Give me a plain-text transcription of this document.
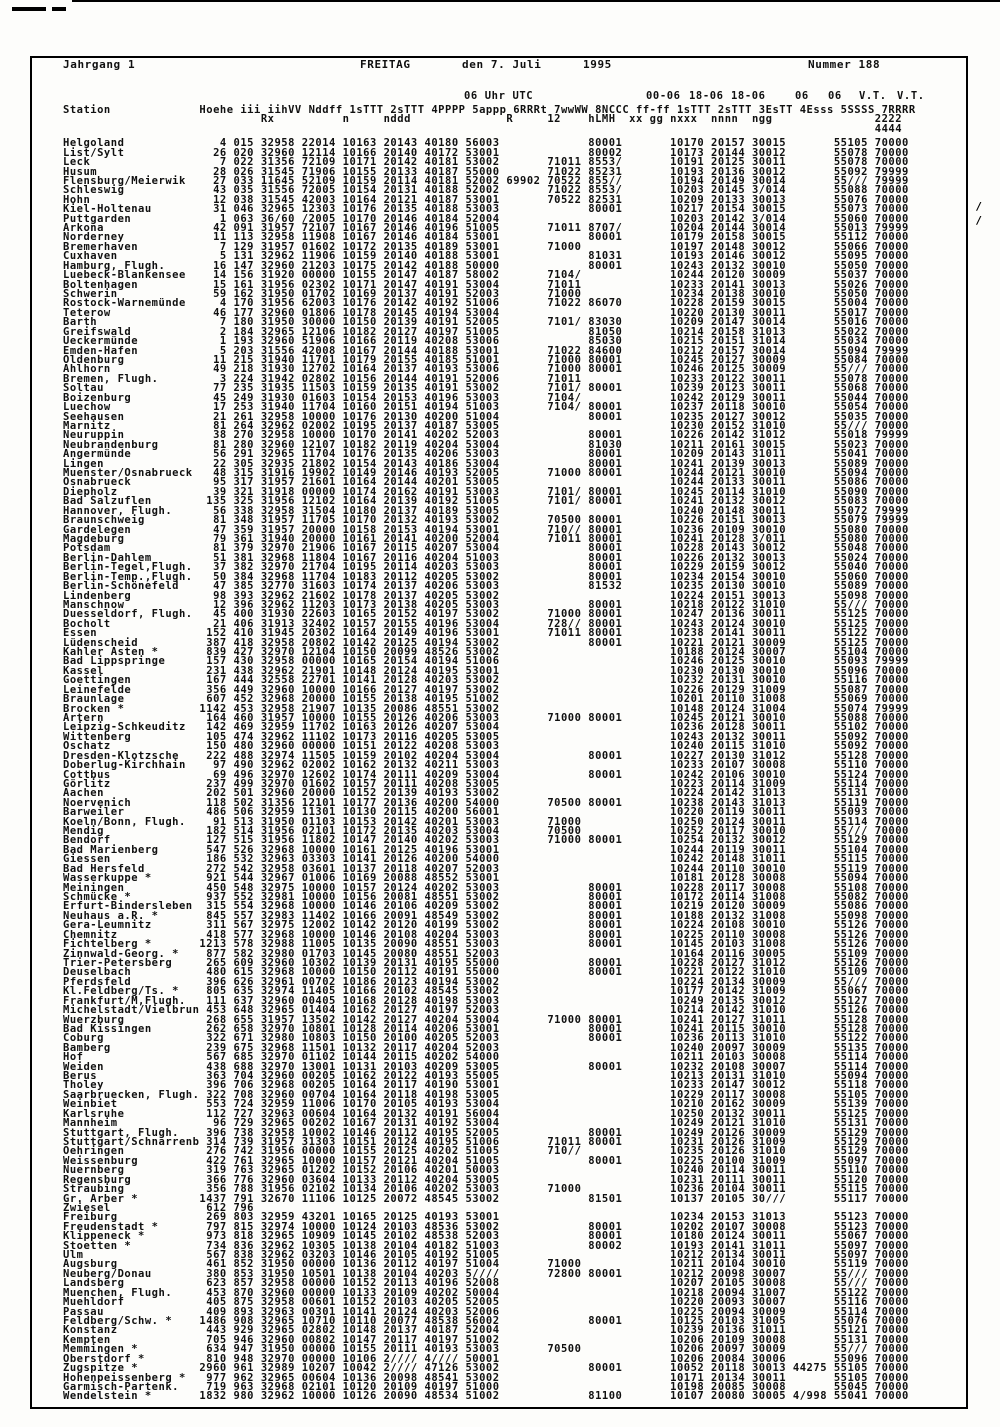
/
/
Jahrgang 1	FREITAG	den 7. Juli	1995	Nummer 188
06 Uhr UTC	00-06 18-06 18-06	06 06 V.T. V.T.
Station             Hoehe iii iihVV Nddff 1sTTT 2sTTT 4PPPP 5appp 6RRRt 7wwWW 8NCCC ff-ff 1sTTT 2sTTT 3EsTT 4Esss 5SSSS 7RRRR
Rx          n     nddd              R     12    hLMH  xx gg nxxx  nnnn  ngg               2222
4444
Helgoland              4 015 32958 22014 10163 20143 40180 56003             80001       10170 20157 30015       55105 70000
List/Sylt             26 020 32960 12114 10166 20140 40172 53001             80002       10173 20144 30012       55078 70000
Leck                   7 022 31356 72109 10171 20142 40181 53002       71011 8553/       10191 20125 30011       55078 70000
Husum                 28 026 31545 71906 10155 20133 40187 55000       71022 85231       10193 20136 30012       55092 79999
Flensburg/Meierwik    27 033 11645 52109 10159 20114 40181 52002 69902 70522 855//       10194 20149 30014       55/// 79999
Schleswig             43 035 31556 72005 10154 20131 40188 52002       71022 8553/       10203 20145 3/014       55088 70000
Hohn                  12 038 31545 42003 10164 20121 40187 53001       70522 82531       10209 20133 30013       55076 70000
Kiel-Holtenau         31 046 32965 12303 10176 20135 40188 53003             80001       10217 20154 30015       55073 70000
Puttgarden             1 063 36/60 /2005 10170 20146 40184 52004                         10203 20142 3/014       55060 70000
Arkona                42 091 31957 72107 10167 20146 40196 51005       71011 8707/       10204 20144 30014       55013 79999
Norderney             11 113 32958 11908 10167 20146 40184 53001             80001       10179 20158 30015       55112 70000
Bremerhaven            7 129 31957 01602 10172 20135 40189 53001       71000             10197 20148 30012       55066 70000
Cuxhaven               5 131 32962 11906 10159 20140 40188 53001             81031       10193 20146 30012       55095 70000
Hamburg, Flugh.       16 147 32960 21203 10175 20142 40188 50000             80001       10243 20132 30010       55050 70000
Luebeck-Blankensee    14 156 31920 00000 10155 20147 40187 58002       7104/             10244 20120 30009       55037 70000
Boltenhagen           15 161 31956 02302 10171 20147 40191 53004       71011             10233 20141 30013       55026 70000
Schwerin              59 162 31950 01702 10169 20137 40191 52003       71000             10234 20138 30010       55050 70000
Rostock-Warnemünde     4 170 31956 62003 10176 20142 40192 51006       71022 86070       10228 20159 30015       55004 70000
Teterow               46 177 32960 01806 10178 20145 40194 53004                         10220 20130 30011       55017 70000
Barth                  7 180 31950 30000 10150 20139 40191 52005       7101/ 83030       10209 20147 30014       55016 70000
Greifswald             2 184 32965 12106 10182 20127 40197 51005             81050       10214 20158 31013       55022 70000
Ueckermünde            1 193 32960 51906 10166 20119 40208 53006             85030       10215 20151 31014       55034 70000
Emden-Hafen            5 203 31556 42008 10167 20144 40188 53001       71022 84600       10212 20157 30014       55094 79999
Oldenburg             11 215 31940 11701 10179 20155 40185 51001       71000 80001       10245 20127 30009       55084 70000
Ahlhorn               49 218 31930 12702 10164 20137 40193 53006       71000 80001       10246 20125 30009       55/// 70000
Bremen, Flugh.         3 224 31942 02802 10156 20144 40191 52006       71011             10233 20122 30011       55078 70000
Soltau                77 235 31935 11503 10159 20135 40191 53002       7101/ 80001       10239 20123 30011       55068 70000
Boizenburg            45 249 31930 01603 10154 20153 40196 53003       7104/             10242 20129 30011       55044 70000
Luechow               17 253 31940 11704 10160 20151 40194 51003       7104/ 80001       10237 20118 30010       55054 70000
Seehausen             21 261 32958 10000 10176 20130 40200 51004             80001       10235 20127 30012       55035 70000
Marnitz               81 264 32962 02002 10195 20137 40187 53005                         10230 20152 31010       55/// 70000
Neuruppin             38 270 32958 10000 10170 20141 40202 52003             80001       10226 20142 31012       55018 79999
Neubrandenburg        81 280 32960 12107 10182 20119 40204 53004             81030       10211 20161 30015       55023 70000
Angermünde            56 291 32965 11704 10176 20135 40206 53003             80001       10209 20143 31011       55041 70000
Lingen                22 305 32935 21802 10154 20143 40186 53004             80001       10241 20139 30013       55089 70000
Muenster/Osnabrueck   48 315 31916 19902 10149 20146 40193 52005       71000 80001       10244 20121 30010       55094 70000
Osnabrueck            95 317 31957 21601 10164 20144 40201 53005                         10244 20133 30011       55086 70000
Diepholz              39 321 31918 00000 10174 20162 40191 53003       7101/ 80001       10245 20114 31010       55090 70000
Bad Salzuflen        135 325 31956 12102 10164 20139 40192 51005       7101/ 80001       10241 20132 30012       55083 70000
Hannover, Flugh.      56 338 32958 31504 10180 20137 40189 53005                         10240 20148 30011       55072 79999
Braunschweig          81 348 31957 11705 10170 20132 40193 53002       70500 80001       10226 20151 30013       55079 79999
Gardelegen            47 359 31957 20000 10158 20153 40194 53001       710// 80001       10236 20109 30010       55080 70000
Magdeburg             79 361 31940 20000 10161 20141 40200 52004       71011 80001       10241 20128 3/011       55080 70000
Potsdam               81 379 32970 21906 10167 20115 40207 53004             80001       10228 20143 30012       55048 70000
Berlin-Dahlem         51 381 32968 11804 10167 20116 40204 51003             80001       10226 20132 30013       55024 70000
Berlin-Tegel,Flugh.   37 382 32970 21704 10195 20114 40203 53003             80001       10229 20159 30012       55040 70000
Berlin-Temp.,Flugh.   50 384 32968 11704 10183 20112 40205 53002             80001       10234 20154 30010       55060 70000
Berlin-Schönefeld     47 385 32770 31603 10174 20137 40206 53003             81532       10235 20130 30010       55089 70000
Lindenberg            98 393 32962 21602 10178 20137 40205 53002                         10224 20151 30013       55098 70000
Manschnow             12 396 32962 11203 10173 20138 40205 53003             80001       10218 20122 31010       55/// 70000
Duesseldorf, Flugh.   45 400 31930 22603 10165 20152 40197 53002       71000 80001       10247 20136 30011       55125 70000
Bocholt               21 406 31913 32402 10157 20155 40196 53004       728// 80001       10243 20124 30010       55125 70000
Essen                152 410 31945 20302 10164 20149 40196 53001       71011 80001       10238 20141 30011       55122 70000
Lüdenscheid          387 418 32958 20802 10142 20125 40194 53002             80001       10221 20121 30009       55125 70000
Kahler Asten *       839 427 32970 12104 10150 20099 48526 53002                         10188 20124 30007       55104 70000
Bad Lippspringe      157 430 32958 00000 10165 20154 40194 51006                         10246 20125 30010       55093 79999
Kassel               231 438 32962 21901 10148 20124 40195 53001                         10230 20130 30010       55096 70000
Goettingen           167 444 32558 22701 10141 20128 40203 53002                         10232 20131 30010       55116 70000
Leinefelde           356 449 32960 10000 10166 20127 40197 53002                         10226 20129 31009       55087 70000
Braunlage            607 452 32968 20000 10155 20138 40195 51002                         10201 20110 31008       55069 70000
Brocken *           1142 453 32958 21907 10135 20086 48551 53002                         10148 20124 31004       55074 79999
Artern               164 460 31957 10000 10155 20126 40206 53003       71000 80001       10245 20121 30010       55088 70000
Leipzig-Schkeuditz   142 469 32959 11702 10163 20126 40207 53004                         10236 20128 30011       55102 70000
Wittenberg           105 474 32962 11102 10173 20116 40205 53005                         10243 20132 30011       55092 70000
Oschatz              150 480 32960 00000 10151 20122 40208 53003                         10240 20115 31010       55092 70000
Dresden-Klotzsche    222 488 32974 11505 10159 20102 40204 53004             80001       10227 20130 31012       55128 70000
Doberlug-Kirchhain    97 490 32962 02002 10162 20132 40211 53003                         10233 20107 30008       55110 70000
Cottbus               69 496 32970 12602 10174 20111 40209 53004             80001       10242 20106 30010       55124 70000
Görlitz              237 499 32970 01602 10157 20111 40208 53005                         10223 20114 31009       55114 70000
Aachen               202 501 32960 20000 10152 20139 40193 53002                         10224 20142 31013       55131 70000
Noervenich           118 502 31356 12101 10177 20136 40200 54000       70500 80001       10238 20143 31013       55119 70000
Barweiler            486 506 32959 11301 10130 20115 40200 56001                         10220 20119 30011       55093 70000
Koeln/Bonn, Flugh.    91 513 31950 01103 10153 20142 40201 53003       71000             10250 20124 30011       55114 70000
Mendig               182 514 31956 02101 10172 20135 40203 53004       70500             10252 20117 30010       55/// 70000
Bendorf              127 515 31956 11802 10147 20140 40202 53003       71000 80001       10254 20132 30012       55129 70000
Bad Marienberg       547 526 32968 10000 10161 20125 40196 53001                         10244 20119 30011       55104 70000
Giessen              186 532 32963 03303 10141 20126 40200 54000                         10242 20148 31011       55115 70000
Bad Hersfeld         272 542 32958 03601 10137 20118 40207 52003                         10244 20110 30010       55119 70000
Wasserkuppe *        921 544 32967 01006 10169 20088 48552 53001                         10181 20128 30008       55094 70000
Meiningen            450 548 32975 10000 10157 20124 40202 53003             80001       10228 20117 30008       55108 70000
Schmücke *           937 552 32981 10000 10156 20081 48551 53002             80001       10172 20114 31008       55082 70000
Erfurt-Bindersleben  315 554 32968 10000 10146 20106 40209 53002             80001       10219 20120 30009       55086 70000
Neuhaus a.R. *       845 557 32983 11402 10166 20091 48549 53002             80001       10188 20132 31008       55098 70000
Gera-Leumnitz        311 567 32975 12002 10142 20120 40199 53002             80001       10224 20108 30010       55126 70000
Chemnitz             418 577 32968 10000 10146 20108 40204 53003             80001       10225 20110 30008       55126 70000
Fichtelberg *       1213 578 32988 11005 10135 20090 48551 53003             80001       10145 20103 31008       55126 70000
Zinnwald-Georg. *    877 582 32980 01703 10145 20080 48551 52003                         10164 20116 30005       55109 70000
Trier-Petersberg     265 609 32960 10302 10139 20131 40195 55000             80001       10228 20127 31012       55126 70000
Deuselbach           480 615 32968 10000 10150 20112 40191 55000             80001       10221 20122 31010       55109 70000
Pferdsfeld           396 626 32961 00702 10186 20123 40194 53002                         10224 20134 30009       55/// 70000
Kl.Feldberg/Ts. *    805 635 32974 11405 10166 20102 48545 53002                         10177 20142 31009       55067 70000
Frankfurt/M,Flugh.   111 637 32960 00405 10168 20128 40198 53003                         10249 20135 30012       55127 70000
Michelstadt/Vielbrun 453 648 32965 01404 10162 20127 40197 52003                         10214 20142 31010       55126 70000
Wuerzburg            268 655 31957 13502 10142 20127 40204 53004       71000 80001       10241 20127 31011       55128 70000
Bad Kissingen        262 658 32970 10801 10128 20114 40206 53001             80001       10241 20115 30010       55128 70000
Coburg               322 671 32980 10803 10150 20100 40205 52003             80001       10236 20113 31010       55122 70000
Bamberg              239 675 32968 11501 10132 20117 40204 52003                         10240 20097 30009       55135 70000
Hof                  567 685 32970 01102 10144 20115 40202 54000                         10211 20103 30008       55114 70000
Weiden               438 688 32970 13001 10131 20103 40209 53005             80001       10232 20108 30007       55114 70000
Berus                363 704 32960 00205 10162 20122 40193 55005                         10213 20131 31010       55094 70000
Tholey               396 706 32968 00205 10164 20117 40190 53001                         10233 20147 30012       55118 70000
Saarbruecken, Flugh. 322 708 32960 00704 10164 20118 40198 53005                         10229 20117 30008       55105 70000
Weinbiet             553 724 32959 11006 10170 20105 40193 53004                         10210 20162 30009       55139 70000
Karlsruhe            112 727 32963 00604 10164 20132 40191 56004                         10250 20132 30011       55125 70000
Mannheim              96 729 32965 00202 10167 20131 40192 53004                         10249 20121 31010       55131 70000
Stuttgart, Flugh.    396 738 32958 10002 10146 20112 40195 52005             80001       10249 20126 30009       55129 70000
Stuttgart/Schnarrenb 314 739 31957 31303 10151 20124 40195 51006       71011 80001       10231 20126 31009       55129 70000
Oehringen            276 742 31956 00000 10155 20125 40202 51005       710//             10235 20126 31010       55129 70000
Weissenburg          422 761 32965 10000 10157 20121 40204 51005             80001       10225 20100 31009       55097 70000
Nuernberg            319 763 32965 01202 10152 20106 40201 50003                         10240 20114 30011       55110 70000
Regensburg           366 776 32960 03604 10133 20112 40204 53005                         10231 20111 30011       55120 70000
Straubing            356 788 31956 02102 10134 20106 40202 53003       71000             10236 20104 30011       55115 70000
Gr. Arber *         1437 791 32670 11106 10125 20072 48545 53002             81501       10137 20105 30///       55117 70000
Zwiesel              612 796
Freiburg             269 803 32959 43201 10165 20125 40193 53001                         10234 20153 31013       55123 70000
Freudenstadt *       797 815 32974 10000 10124 20103 48536 53002             80001       10202 20107 30008       55123 70000
Klippeneck *         973 818 32965 10909 10145 20102 48538 52003             80001       10180 20124 30011       55067 70000
Stoetten *           734 836 32962 10305 10138 20104 40182 51003             80002       10193 20141 31011       55097 70000
Ulm                  567 838 32962 03203 10146 20105 40192 51005                         10212 20134 30011       55097 70000
Augsburg             461 852 31950 00000 10136 20112 40197 51004       71000             10211 20104 30010       55119 70000
Neuberg/Donau        380 853 31950 10501 10138 20104 40203 5////       72800 80001       10212 20098 30007       55/// 70000
Landsberg            623 857 32958 00000 10152 20113 40196 52008                         10207 20105 30008       55/// 70000
Muenchen, Flugh.     453 870 32960 00000 10133 20109 40202 50004                         10218 20094 31007       55122 70000
Muehldorf            405 875 32958 00601 10152 20103 40205 52005                         10220 20093 30007       55116 70000
Passau               409 893 32963 00301 10141 20124 40203 52006                         10225 20094 30009       55114 70000
Feldberg/Schw. *    1486 908 32965 10710 10110 20077 48538 56002             80001       10125 20103 31005       55076 70000
Konstanz             443 929 32965 02802 10148 20137 40187 52004                         10239 20136 31011       55121 70000
Kempten              705 946 32960 00802 10147 20117 40197 51002                         10206 20109 30008       55131 70000
Memmingen *          634 947 31950 00000 10155 20111 40193 53003       70500             10206 20097 30009       55/// 70000
Oberstdorf *         810 948 32970 00000 10106 2//// 4//// 50001                         10206 20084 30006       55096 70000
Zugspitze *         2960 961 32989 10207 10042 2//// 47126 53002             80001       10052 20118 30013 44275 55105 70000
Hohenpeissenberg *   977 962 32965 00604 10136 20098 48541 53002                         10171 20134 30011       55105 70000
Garmisch-Partenk.    719 963 32968 02101 10120 20109 40197 51000                         10198 20085 30008       55045 70000
Wendelstein *       1832 980 32962 10000 10126 20090 48534 51002             81100       10107 20080 30005 4/998 55041 70000
